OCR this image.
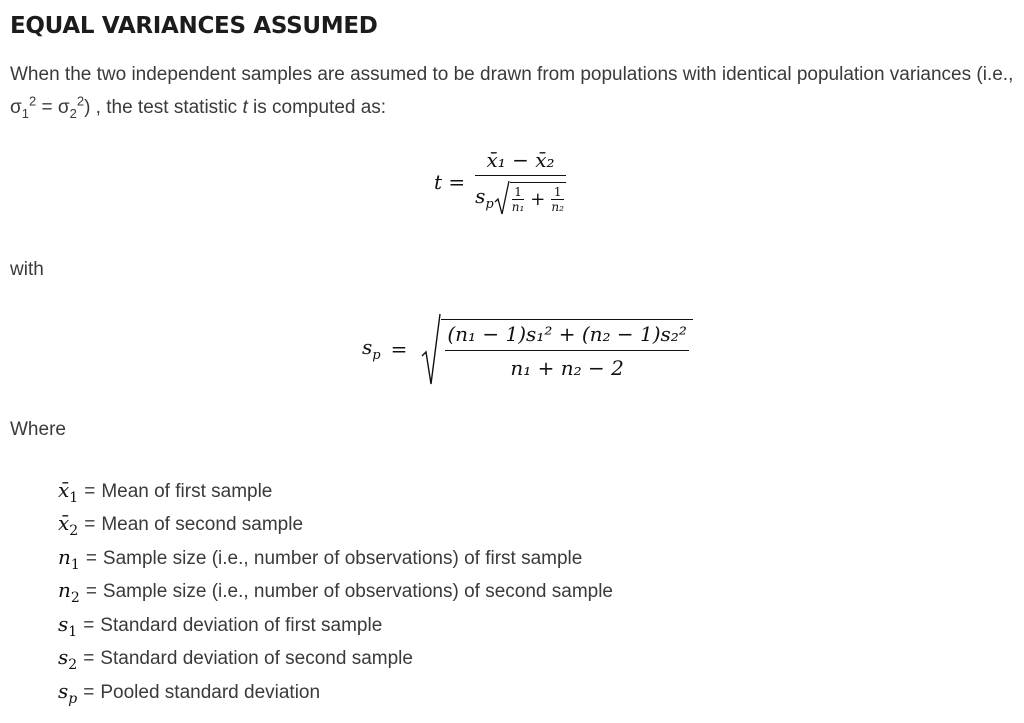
EQUAL VARIANCES ASSUMED

When the two independent samples are assumed to be drawn from populations with identical population variances (i.e., $\sigma_1^2 = \sigma_2^2$) , the test statistic t is computed as:

t =
x̄₁ − x̄₂
$s_p \frac{1}{\text{n₁}} + \frac{1}{\text{n₂}}$

with

$s_p = \frac{\text{(n₁ − 1)s₁² + (n₂ − 1)s₂²}}{\text{n₁ + n₂ − 2}}$

Where

$x̄_1$ = Mean of first sample
$x̄_2$ = Mean of second sample
$n_1$ = Sample size (i.e., number of observations) of first sample
$n_2$ = Sample size (i.e., number of observations) of second sample
$s_1$ = Standard deviation of first sample
$s_2$ = Standard deviation of second sample
$s_p$ = Pooled standard deviation
